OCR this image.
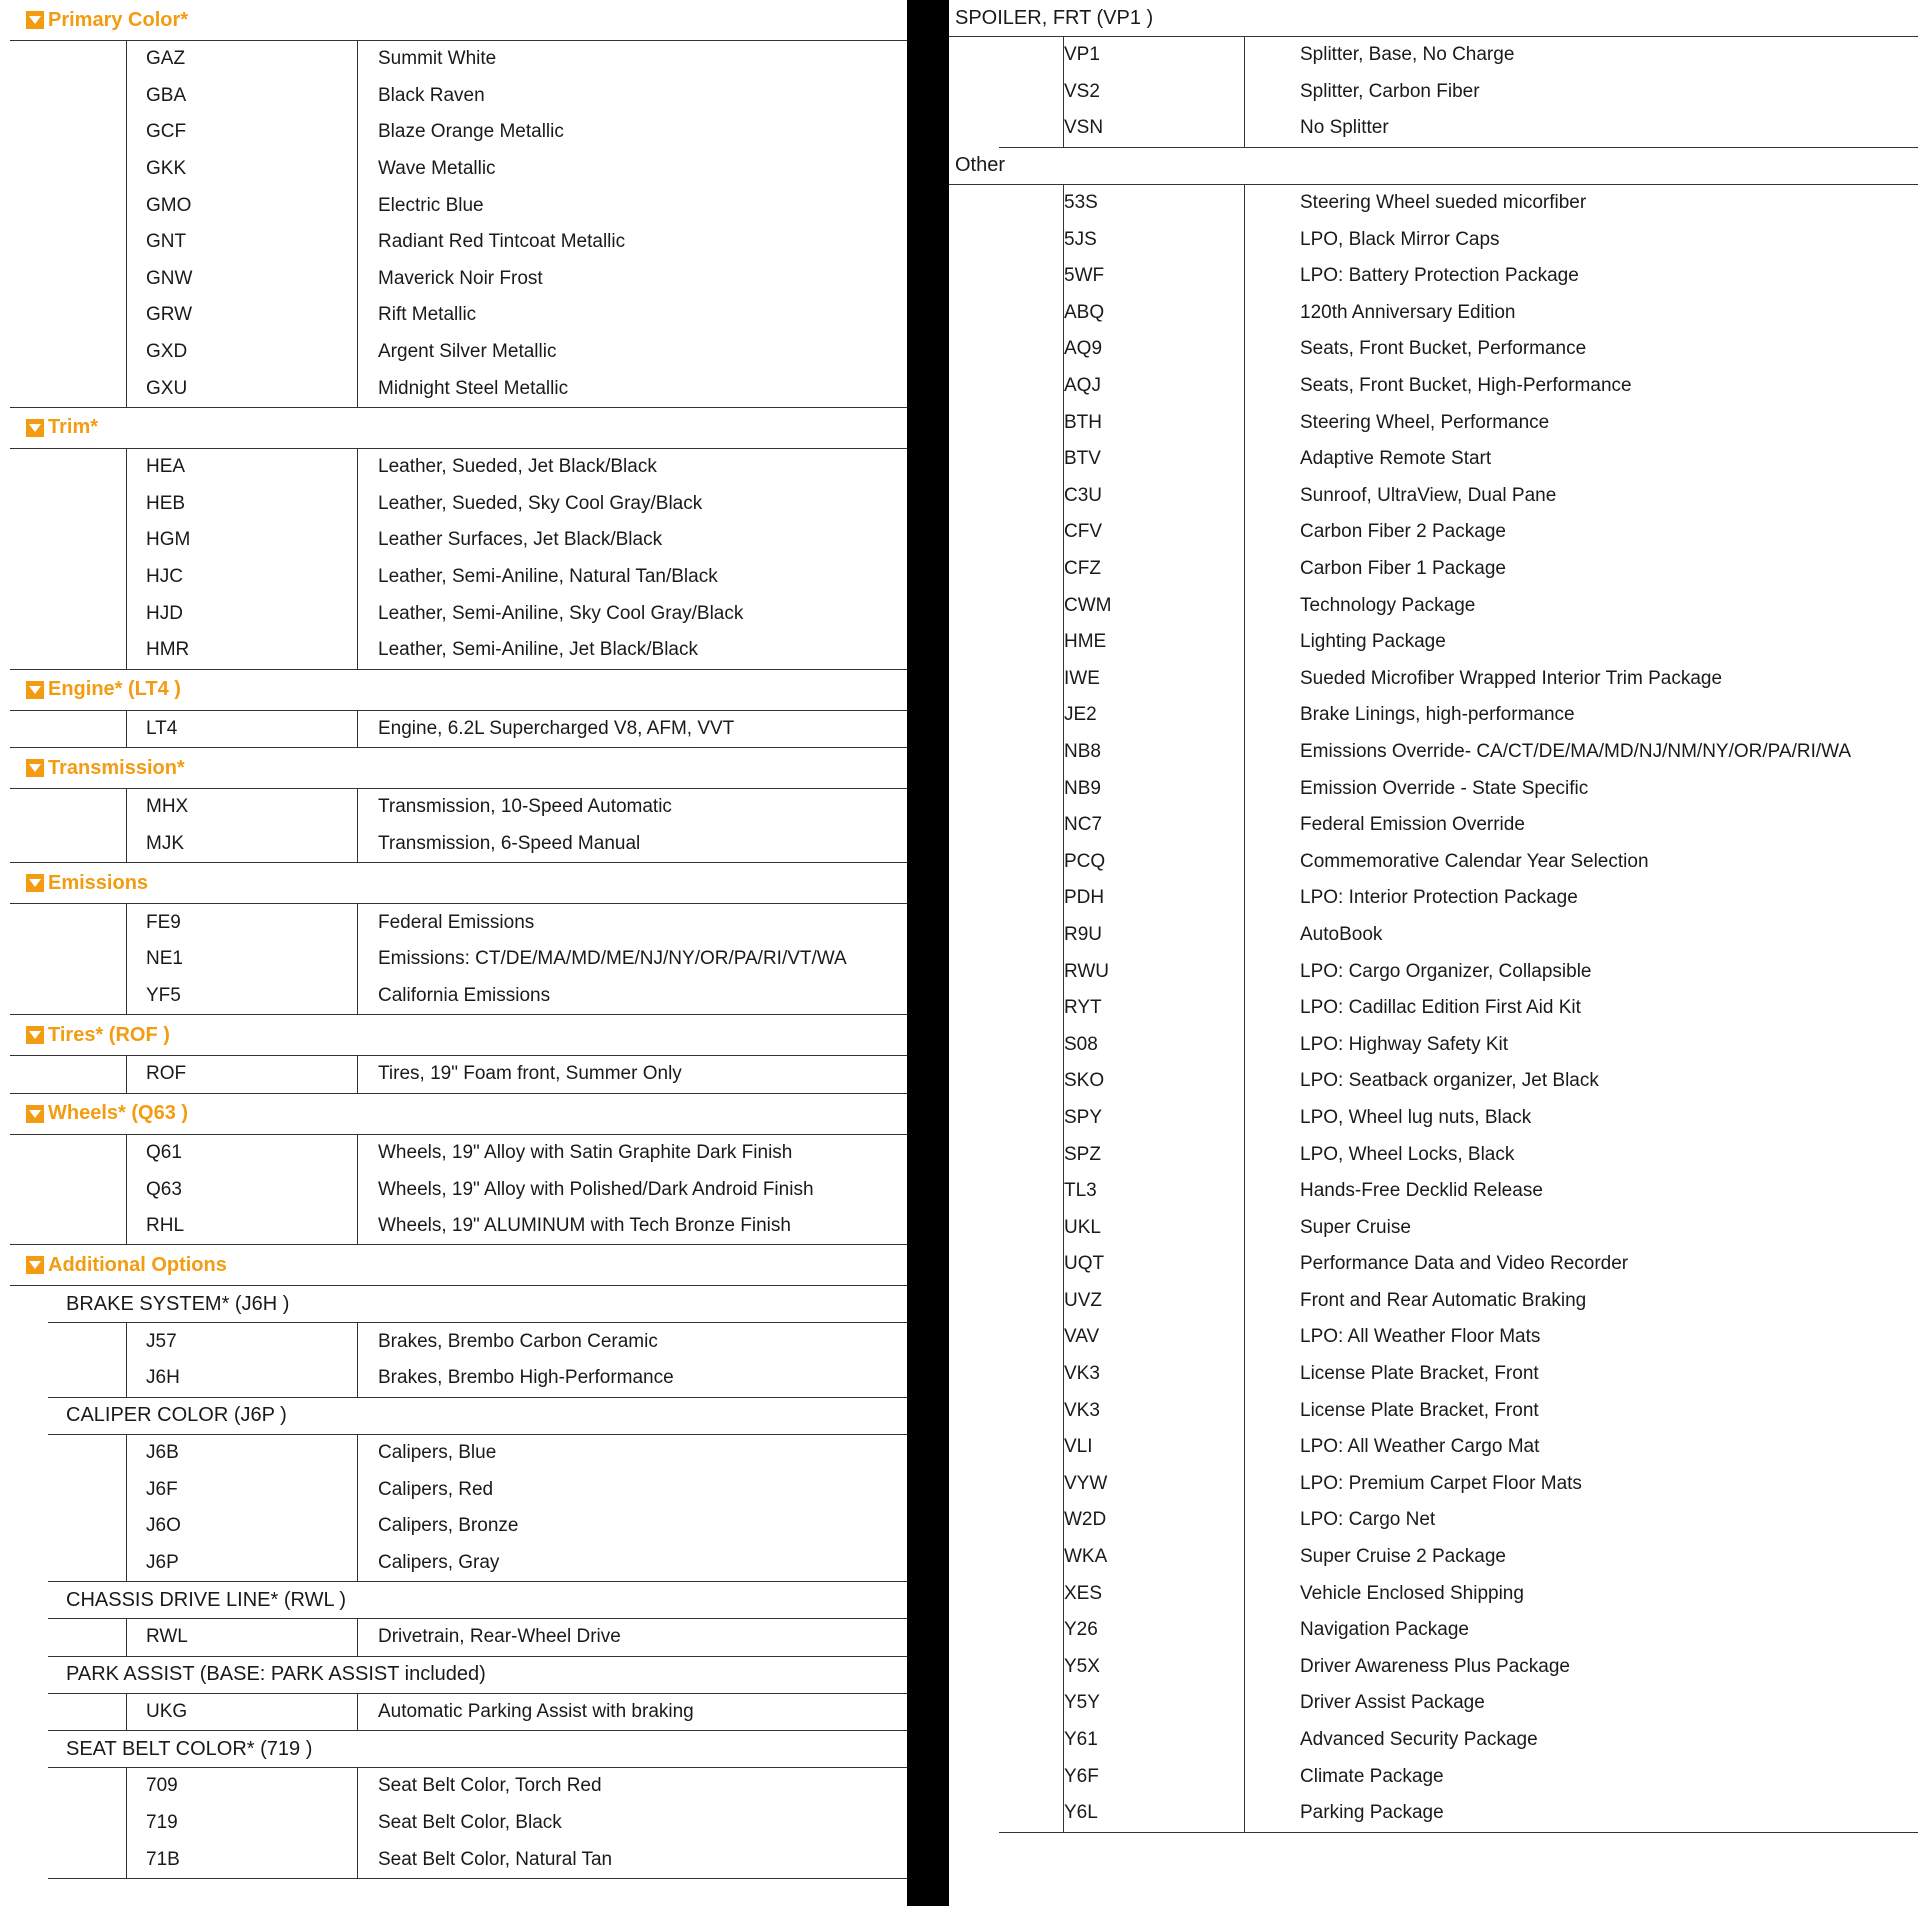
Primary Color*
GAZ	Summit White
GBA	Black Raven
GCF	Blaze Orange Metallic
GKK	Wave Metallic
GMO	Electric Blue
GNT	Radiant Red Tintcoat Metallic
GNW	Maverick Noir Frost
GRW	Rift Metallic
GXD	Argent Silver Metallic
GXU	Midnight Steel Metallic
Trim*
HEA	Leather, Sueded, Jet Black/Black
HEB	Leather, Sueded, Sky Cool Gray/Black
HGM	Leather Surfaces, Jet Black/Black
HJC	Leather, Semi-Aniline, Natural Tan/Black
HJD	Leather, Semi-Aniline, Sky Cool Gray/Black
HMR	Leather, Semi-Aniline, Jet Black/Black
Engine* (LT4 )
LT4	Engine, 6.2L Supercharged V8, AFM, VVT
Transmission*
MHX	Transmission, 10-Speed Automatic
MJK	Transmission, 6-Speed Manual
Emissions
FE9	Federal Emissions
NE1	Emissions: CT/DE/MA/MD/ME/NJ/NY/OR/PA/RI/VT/WA
YF5	California Emissions
Tires* (ROF )
ROF	Tires, 19" Foam front, Summer Only
Wheels* (Q63 )
Q61	Wheels, 19" Alloy with Satin Graphite Dark Finish
Q63	Wheels, 19" Alloy with Polished/Dark Android Finish
RHL	Wheels, 19" ALUMINUM with Tech Bronze Finish
Additional Options
BRAKE SYSTEM* (J6H )
J57	Brakes, Brembo Carbon Ceramic
J6H	Brakes, Brembo High-Performance
CALIPER COLOR (J6P )
J6B	Calipers, Blue
J6F	Calipers, Red
J6O	Calipers, Bronze
J6P	Calipers, Gray
CHASSIS DRIVE LINE* (RWL )
RWL	Drivetrain, Rear-Wheel Drive
PARK ASSIST (BASE: PARK ASSIST included)
UKG	Automatic Parking Assist with braking
SEAT BELT COLOR* (719 )
709	Seat Belt Color, Torch Red
719	Seat Belt Color, Black
71B	Seat Belt Color, Natural Tan
SPOILER, FRT (VP1 )
VP1	Splitter, Base, No Charge
VS2	Splitter, Carbon Fiber
VSN	No Splitter
Other
53S	Steering Wheel sueded micorfiber
5JS	LPO, Black Mirror Caps
5WF	LPO: Battery Protection Package
ABQ	120th Anniversary Edition
AQ9	Seats, Front Bucket, Performance
AQJ	Seats, Front Bucket, High-Performance
BTH	Steering Wheel, Performance
BTV	Adaptive Remote Start
C3U	Sunroof, UltraView, Dual Pane
CFV	Carbon Fiber 2 Package
CFZ	Carbon Fiber 1 Package
CWM	Technology Package
HME	Lighting Package
IWE	Sueded Microfiber Wrapped Interior Trim Package
JE2	Brake Linings, high-performance
NB8	Emissions Override- CA/CT/DE/MA/MD/NJ/NM/NY/OR/PA/RI/WA
NB9	Emission Override - State Specific
NC7	Federal Emission Override
PCQ	Commemorative Calendar Year Selection
PDH	LPO: Interior Protection Package
R9U	AutoBook
RWU	LPO: Cargo Organizer, Collapsible
RYT	LPO: Cadillac Edition First Aid Kit
S08	LPO: Highway Safety Kit
SKO	LPO: Seatback organizer, Jet Black
SPY	LPO, Wheel lug nuts, Black
SPZ	LPO, Wheel Locks, Black
TL3	Hands-Free Decklid Release
UKL	Super Cruise
UQT	Performance Data and Video Recorder
UVZ	Front and Rear Automatic Braking
VAV	LPO: All Weather Floor Mats
VK3	License Plate Bracket, Front
VK3	License Plate Bracket, Front
VLI	LPO: All Weather Cargo Mat
VYW	LPO: Premium Carpet Floor Mats
W2D	LPO: Cargo Net
WKA	Super Cruise 2 Package
XES	Vehicle Enclosed Shipping
Y26	Navigation Package
Y5X	Driver Awareness Plus Package
Y5Y	Driver Assist Package
Y61	Advanced Security Package
Y6F	Climate Package
Y6L	Parking Package
